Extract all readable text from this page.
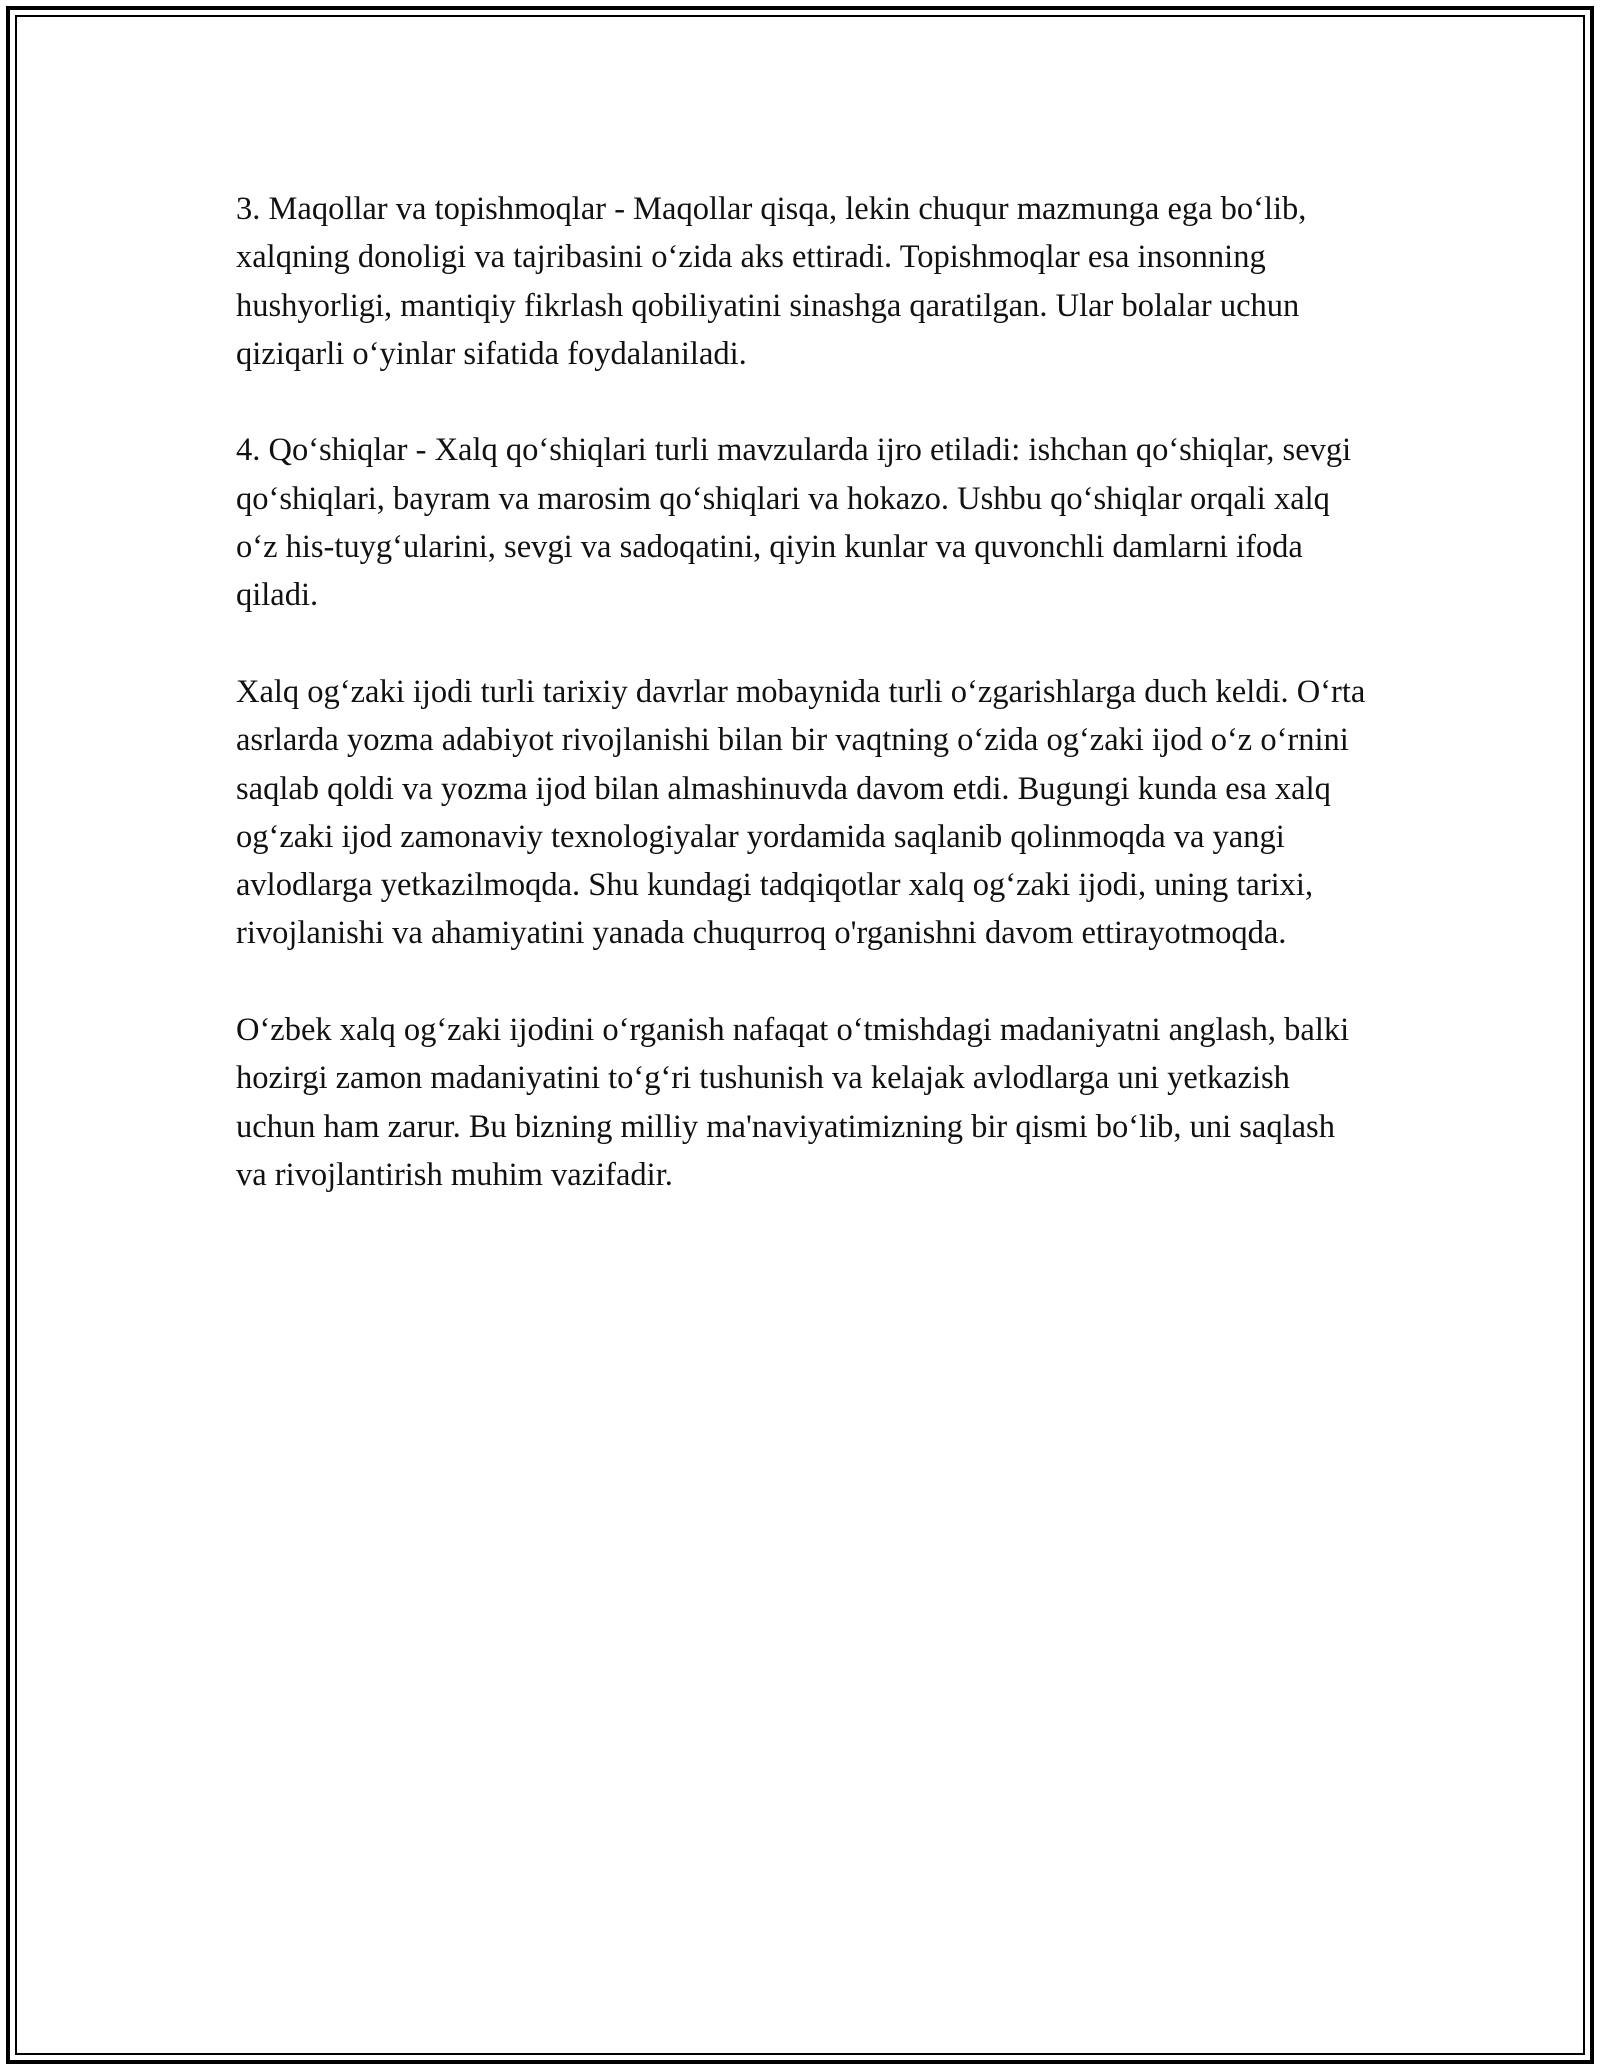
3. Maqollar va topishmoqlar - Maqollar qisqa, lekin chuqur mazmunga ega bo‘lib, xalqning donoligi va tajribasini o‘zida aks ettiradi. Topishmoqlar esa insonning hushyorligi, mantiqiy fikrlash qobiliyatini sinashga qaratilgan. Ular bolalar uchun qiziqarli o‘yinlar sifatida foydalaniladi.

4. Qo‘shiqlar - Xalq qo‘shiqlari turli mavzularda ijro etiladi: ishchan qo‘shiqlar, sevgi qo‘shiqlari, bayram va marosim qo‘shiqlari va hokazo. Ushbu qo‘shiqlar orqali xalq o‘z his-tuyg‘ularini, sevgi va sadoqatini, qiyin kunlar va quvonchli damlarni ifoda qiladi.

Xalq og‘zaki ijodi turli tarixiy davrlar mobaynida turli o‘zgarishlarga duch keldi. O‘rta asrlarda yozma adabiyot rivojlanishi bilan bir vaqtning o‘zida og‘zaki ijod o‘z o‘rnini saqlab qoldi va yozma ijod bilan almashinuvda davom etdi. Bugungi kunda esa xalq og‘zaki ijod zamonaviy texnologiyalar yordamida saqlanib qolinmoqda va yangi avlodlarga yetkazilmoqda. Shu kundagi tadqiqotlar xalq og‘zaki ijodi, uning tarixi, rivojlanishi va ahamiyatini yanada chuqurroq o'rganishni davom ettirayotmoqda.

O‘zbek xalq og‘zaki ijodini o‘rganish nafaqat o‘tmishdagi madaniyatni anglash, balki hozirgi zamon madaniyatini to‘g‘ri tushunish va kelajak avlodlarga uni yetkazish uchun ham zarur. Bu bizning milliy ma'naviyatimizning bir qismi bo‘lib, uni saqlash va rivojlantirish muhim vazifadir.
